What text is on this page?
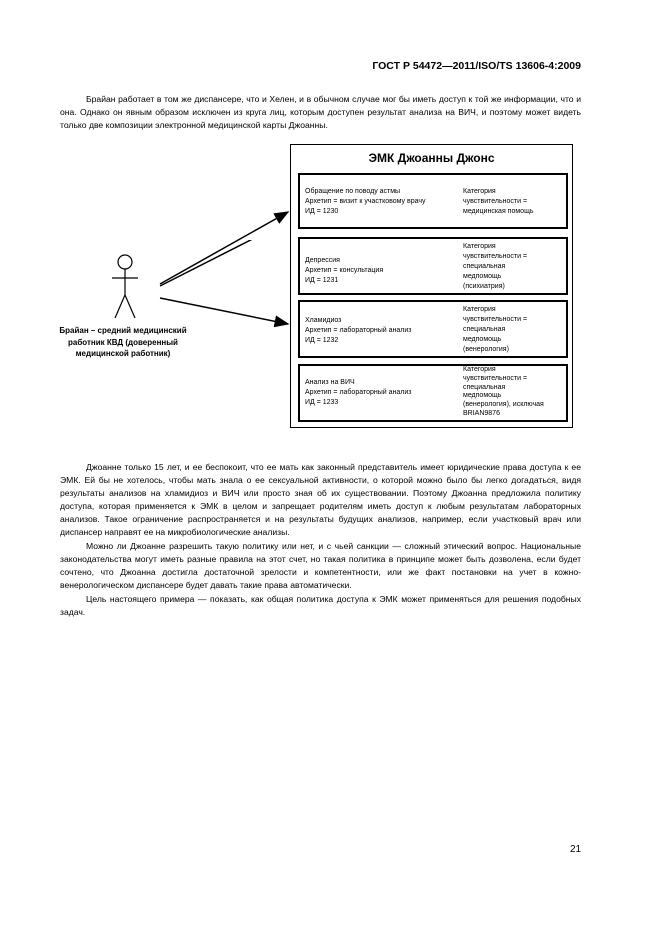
ГОСТ Р 54472—2011/ISO/TS 13606-4:2009

Брайан работает в том же диспансере, что и Хелен, и в обычном случае мог бы иметь доступ к той же информации, что и она. Однако он явным образом исключен из круга лиц, которым доступен результат анализа на ВИЧ, и поэтому может видеть только две композиции электронной медицинской карты Джоанны.

Брайан – средний медицинский работник КВД (доверенный медицинской работник)
ЭМК Джоанны Джонс
Обращение по поводу астмы
Архетип = визит к участковому врачу
ИД = 1230
Категория
чувствительности =
медицинская помощь
Депрессия
Архетип = консультация
ИД = 1231
Категория
чувствительности =
специальная
медпомощь
(психиатрия)
Хламидиоз
Архетип = лабораторный анализ
ИД = 1232
Категория
чувствительности =
специальная
медпомощь
(венерология)
Анализ на ВИЧ
Архетип = лабораторный анализ
ИД = 1233
Категория
чувствительности =
специальная
медпомощь
(венерология), исключая
BRIAN9876

Джоанне только 15 лет, и ее беспокоит, что ее мать как законный представитель имеет юридические права доступа к ее ЭМК. Ей бы не хотелось, чтобы мать знала о ее сексуальной активности, о которой можно было бы легко догадаться, видя результаты анализов на хламидиоз и ВИЧ или просто зная об их существовании. Поэтому Джоанна предложила политику доступа, которая применяется к ЭМК в целом и запрещает родителям иметь доступ к любым результатам лабораторных анализов. Такое ограничение распространяется и на результаты будущих анализов, например, если участковый врач или диспансер направят ее на микробиологические анализы.

Можно ли Джоанне разрешить такую политику или нет, и с чьей санкции — сложный этический вопрос. Национальные законодательства могут иметь разные правила на этот счет, но такая политика в принципе может быть дозволена, если будет сочтено, что Джоанна достигла достаточной зрелости и компетентности, или же факт постановки на учет в кожно-венерологическом диспансере будет давать такие права автоматически.

Цель настоящего примера — показать, как общая политика доступа к ЭМК может применяться для решения подобных задач.

21
